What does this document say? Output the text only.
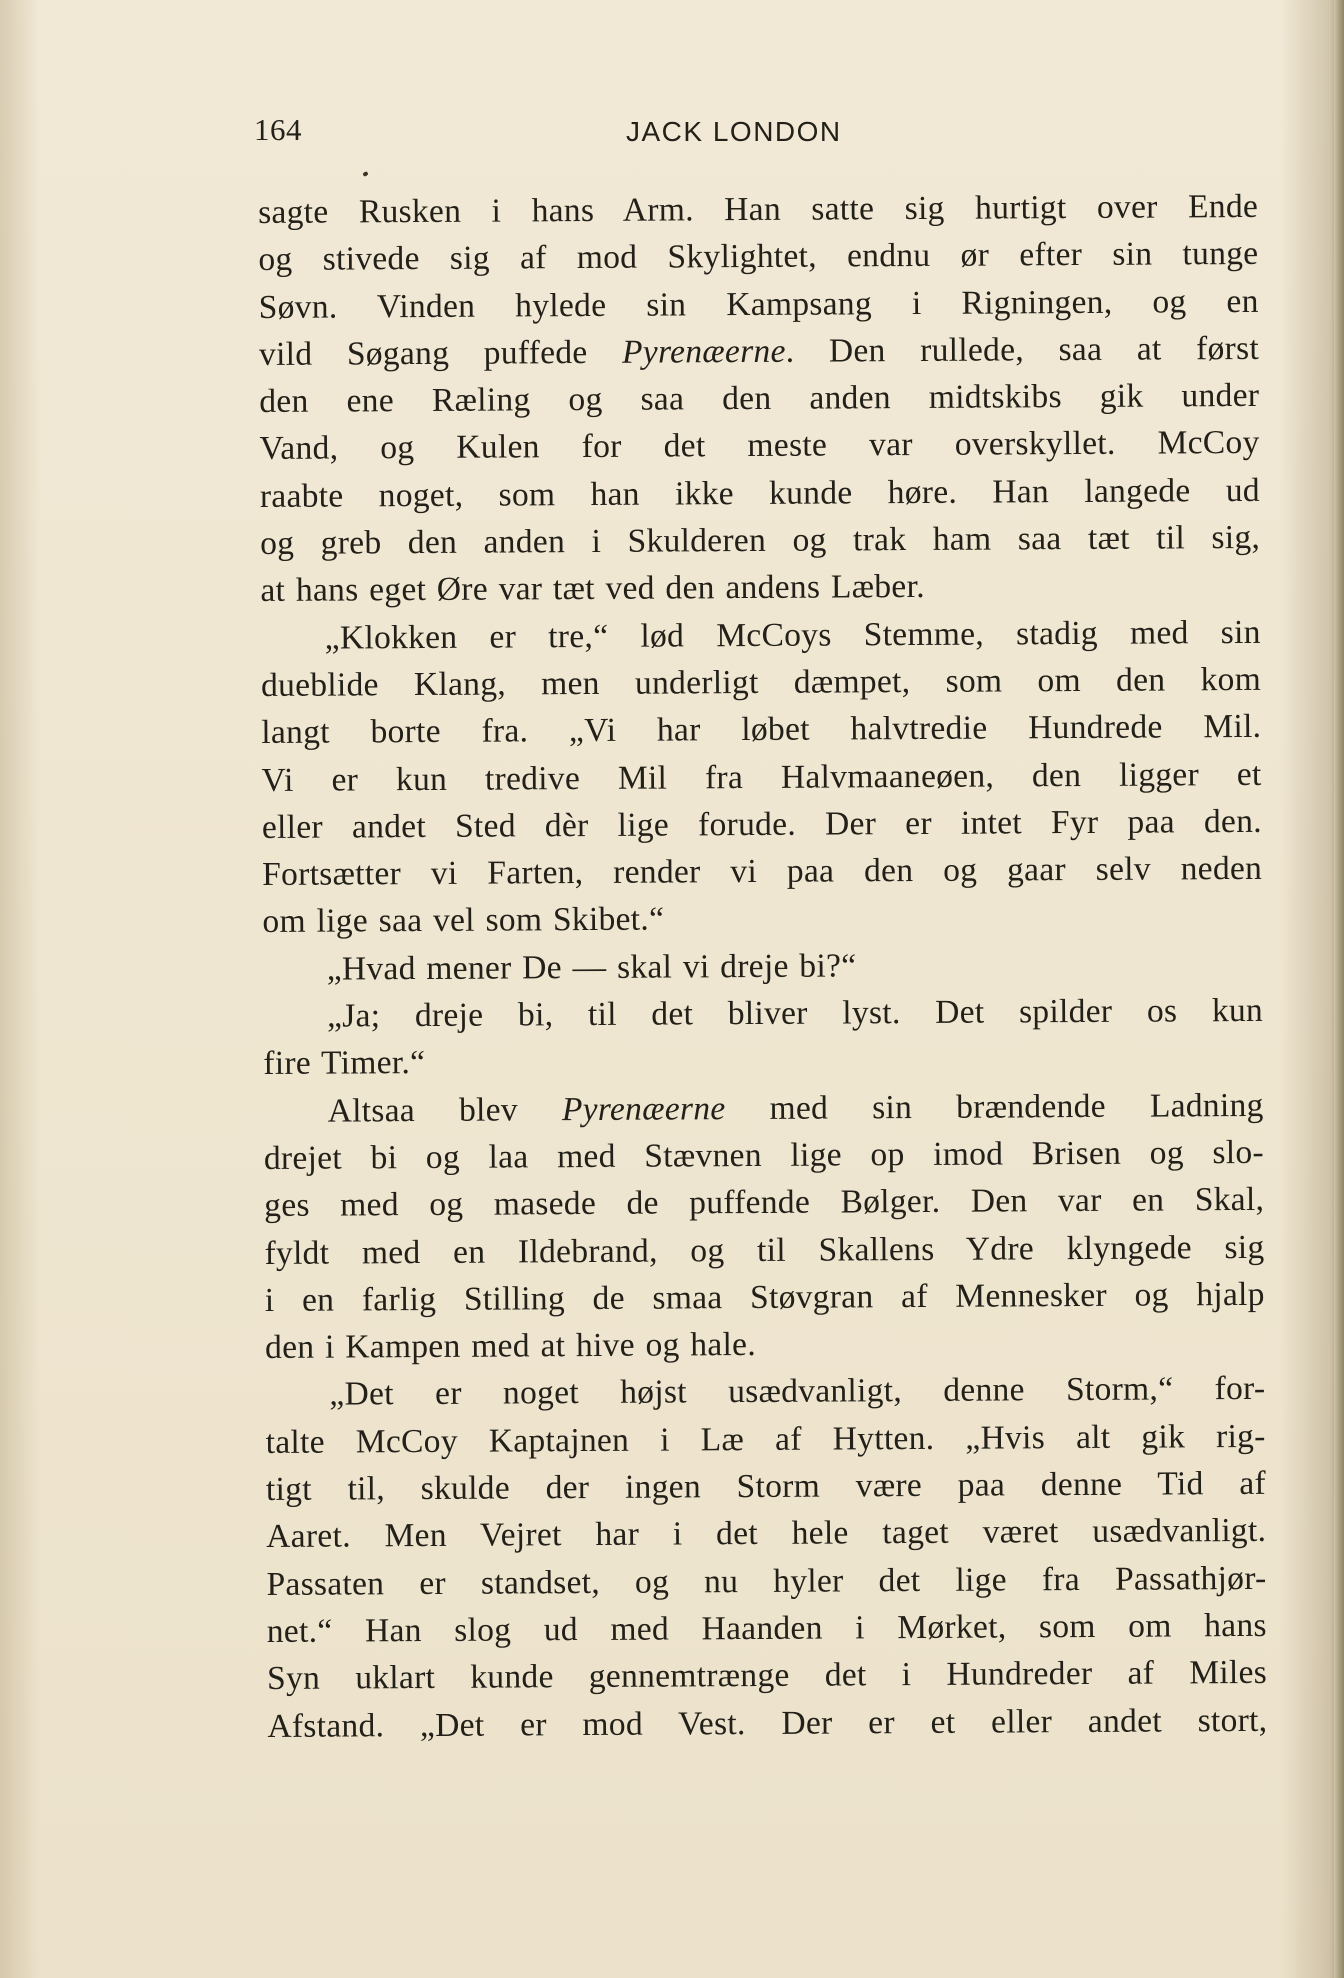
164	JACK LONDON
sagte Rusken i hans Arm. Han satte sig hurtigt over Ende
og stivede sig af mod Skylightet, endnu ør efter sin tunge
Søvn. Vinden hylede sin Kampsang i Rigningen, og en
vild Søgang puffede Pyrenæerne. Den rullede, saa at først
den ene Ræling og saa den anden midtskibs gik under
Vand, og Kulen for det meste var overskyllet. McCoy
raabte noget, som han ikke kunde høre. Han langede ud
og greb den anden i Skulderen og trak ham saa tæt til sig,
at hans eget Øre var tæt ved den andens Læber.
„Klokken er tre,“ lød McCoys Stemme, stadig med sin
dueblide Klang, men underligt dæmpet, som om den kom
langt borte fra. „Vi har løbet halvtredie Hundrede Mil.
Vi er kun tredive Mil fra Halvmaaneøen, den ligger et
eller andet Sted dèr lige forude. Der er intet Fyr paa den.
Fortsætter vi Farten, render vi paa den og gaar selv neden
om lige saa vel som Skibet.“
„Hvad mener De — skal vi dreje bi?“
„Ja; dreje bi, til det bliver lyst. Det spilder os kun
fire Timer.“
Altsaa blev Pyrenæerne med sin brændende Ladning
drejet bi og laa med Stævnen lige op imod Brisen og slo-
ges med og masede de puffende Bølger. Den var en Skal,
fyldt med en Ildebrand, og til Skallens Ydre klyngede sig
i en farlig Stilling de smaa Støvgran af Mennesker og hjalp
den i Kampen med at hive og hale.
„Det er noget højst usædvanligt, denne Storm,“ for-
talte McCoy Kaptajnen i Læ af Hytten. „Hvis alt gik rig-
tigt til, skulde der ingen Storm være paa denne Tid af
Aaret. Men Vejret har i det hele taget været usædvanligt.
Passaten er standset, og nu hyler det lige fra Passathjør-
net.“ Han slog ud med Haanden i Mørket, som om hans
Syn uklart kunde gennemtrænge det i Hundreder af Miles
Afstand. „Det er mod Vest. Der er et eller andet stort,
